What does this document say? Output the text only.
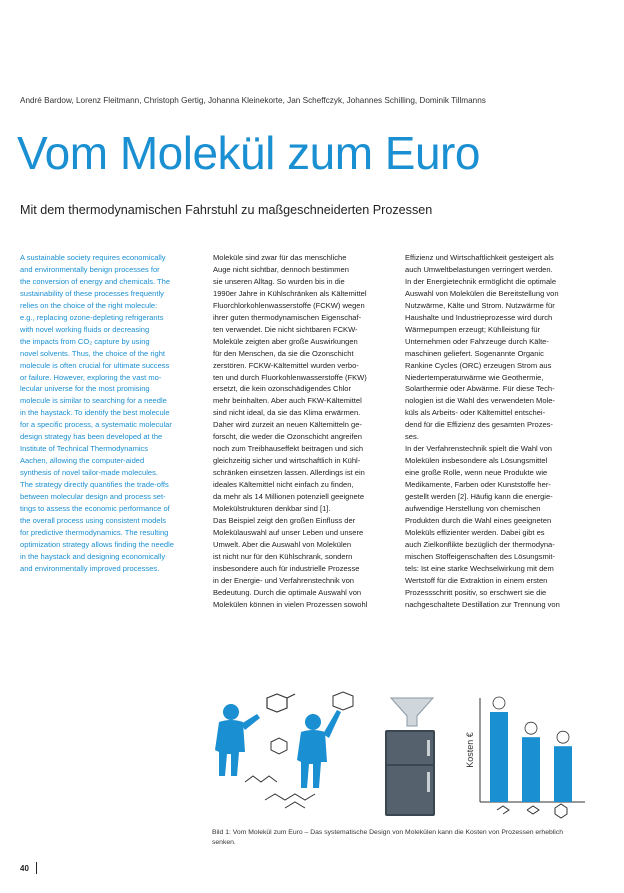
André Bardow, Lorenz Fleitmann, Christoph Gertig, Johanna Kleinekorte, Jan Scheffczyk, Johannes Schilling, Dominik Tillmanns
Vom Molekül zum Euro
Mit dem thermodynamischen Fahrstuhl zu maßgeschneiderten Prozessen

A sustainable society requires economically

and environmentally benign processes for

the conversion of energy and chemicals. The

sustainability of these processes frequently

relies on the choice of the right molecule:

e.g., replacing ozone-depleting refrigerants

with novel working fluids or decreasing

the impacts from CO₂ capture by using

novel solvents. Thus, the choice of the right

molecule is often crucial for ultimate success

or failure. However, exploring the vast mo-

lecular universe for the most promising

molecule is similar to searching for a needle

in the haystack. To identify the best molecule

for a specific process, a systematic molecular

design strategy has been developed at the

Institute of Technical Thermodynamics

Aachen, allowing the computer-aided

synthesis of novel tailor-made molecules.

The strategy directly quantifies the trade-offs

between molecular design and process set-

tings to assess the economic performance of

the overall process using consistent models

for predictive thermodynamics. The resulting

optimization strategy allows finding the needle

in the haystack and designing economically

and environmentally improved processes.

Moleküle sind zwar für das menschliche

Auge nicht sichtbar, dennoch bestimmen

sie unseren Alltag. So wurden bis in die

1990er Jahre in Kühlschränken als Kältemittel

Fluorchlorkohlenwasserstoffe (FCKW) wegen

ihrer guten thermodynamischen Eigenschaf-

ten verwendet. Die nicht sichtbaren FCKW-

Moleküle zeigten aber große Auswirkungen

für den Menschen, da sie die Ozonschicht

zerstören. FCKW-Kältemittel wurden verbo-

ten und durch Fluorkohlenwasserstoffe (FKW)

ersetzt, die kein ozonschädigendes Chlor

mehr beinhalten. Aber auch FKW-Kältemittel

sind nicht ideal, da sie das Klima erwärmen.

Daher wird zurzeit an neuen Kältemitteln ge-

forscht, die weder die Ozonschicht angreifen

noch zum Treibhauseffekt beitragen und sich

gleichzeitig sicher und wirtschaftlich in Kühl-

schränken einsetzen lassen. Allerdings ist ein

ideales Kältemittel nicht einfach zu finden,

da mehr als 14 Millionen potenziell geeignete

Molekülstrukturen denkbar sind [1].

Das Beispiel zeigt den großen Einfluss der

Molekülauswahl auf unser Leben und unsere

Umwelt. Aber die Auswahl von Molekülen

ist nicht nur für den Kühlschrank, sondern

insbesondere auch für industrielle Prozesse

in der Energie- und Verfahrenstechnik von

Bedeutung. Durch die optimale Auswahl von

Molekülen können in vielen Prozessen sowohl

Effizienz und Wirtschaftlichkeit gesteigert als

auch Umweltbelastungen verringert werden.

In der Energietechnik ermöglicht die optimale

Auswahl von Molekülen die Bereitstellung von

Nutzwärme, Kälte und Strom. Nutzwärme für

Haushalte und Industrieprozesse wird durch

Wärmepumpen erzeugt; Kühlleistung für

Unternehmen oder Fahrzeuge durch Kälte-

maschinen geliefert. Sogenannte Organic

Rankine Cycles (ORC) erzeugen Strom aus

Niedertemperaturwärme wie Geothermie,

Solarthermie oder Abwärme. Für diese Tech-

nologien ist die Wahl des verwendeten Mole-

küls als Arbeits- oder Kältemittel entschei-

dend für die Effizienz des gesamten Prozes-

ses.

In der Verfahrenstechnik spielt die Wahl von

Molekülen insbesondere als Lösungsmittel

eine große Rolle, wenn neue Produkte wie

Medikamente, Farben oder Kunststoffe her-

gestellt werden [2]. Häufig kann die energie-

aufwendige Herstellung von chemischen

Produkten durch die Wahl eines geeigneten

Moleküls effizienter werden. Dabei gibt es

auch Zielkonflikte bezüglich der thermodyna-

mischen Stoffeigenschaften des Lösungsmit-

tels: Ist eine starke Wechselwirkung mit dem

Wertstoff für die Extraktion in einem ersten

Prozessschritt positiv, so erschwert sie die

nachgeschaltete Destillation zur Trennung von

Kosten €

Bild 1: Vom Molekül zum Euro – Das systematische Design von Molekülen kann die Kosten von Prozessen erheblich

senken.

40
